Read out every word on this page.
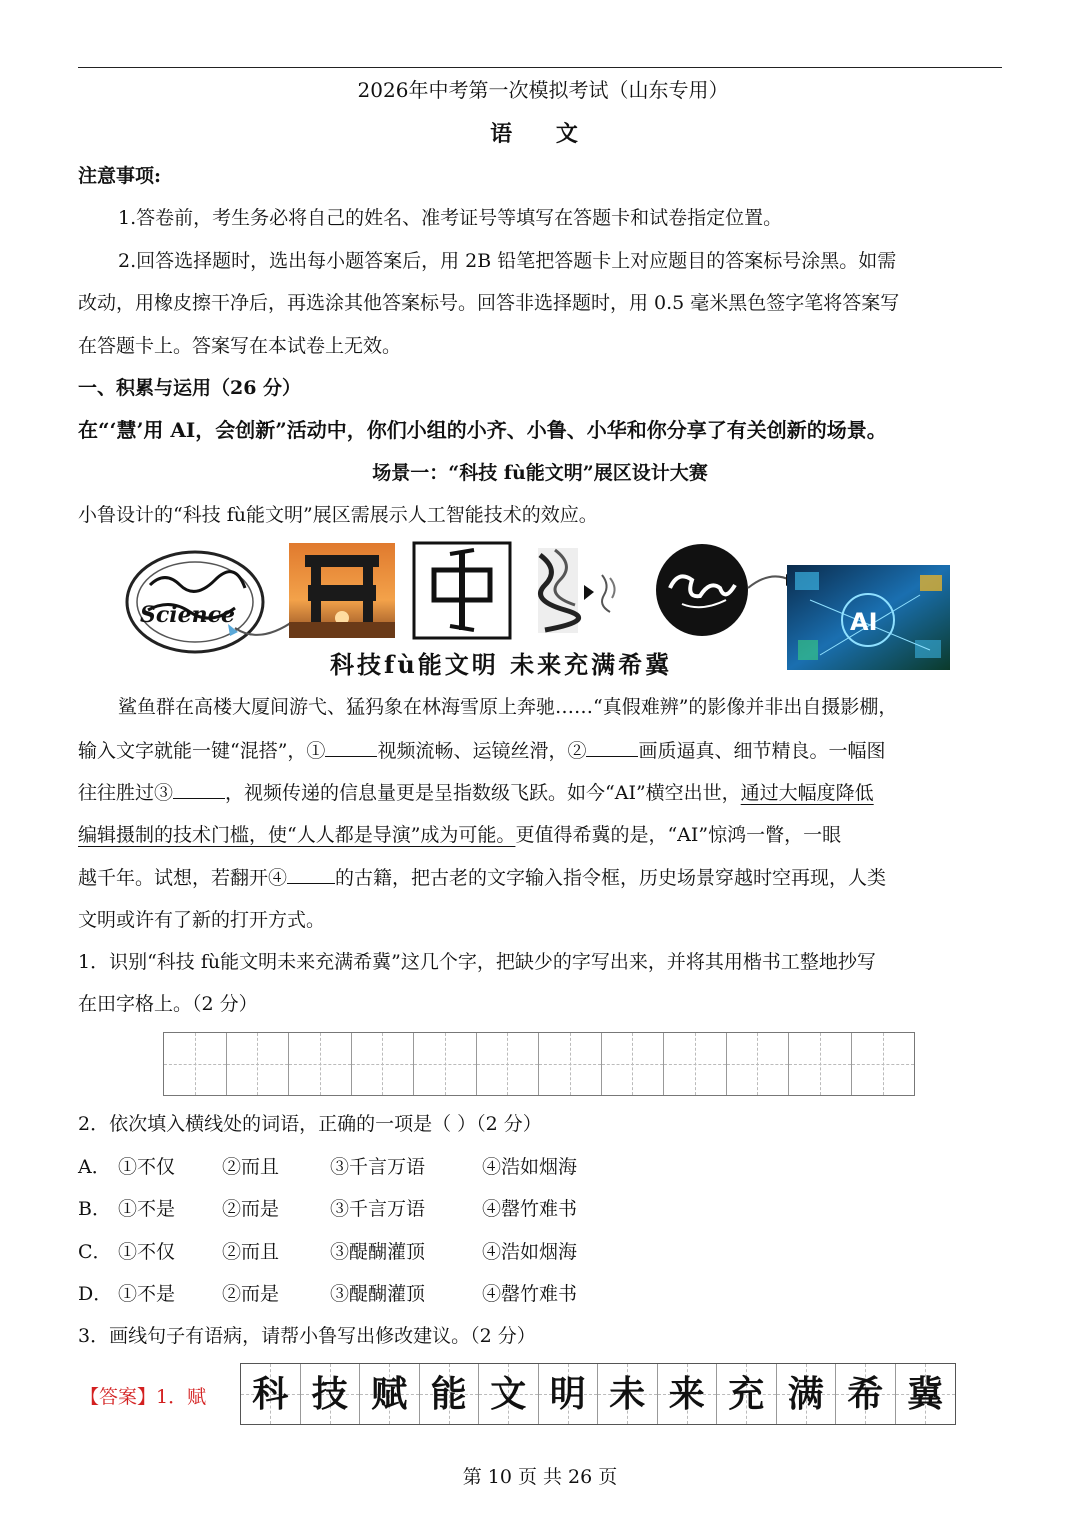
2026年中考第一次模拟考试（山东专用）
语 文
注意事项:
1.答卷前，考生务必将自己的姓名、准考证号等填写在答题卡和试卷指定位置。
2.回答选择题时，选出每小题答案后，用 2B 铅笔把答题卡上对应题目的答案标号涂黑。如需
改动，用橡皮擦干净后，再选涂其他答案标号。回答非选择题时，用 0.5 毫米黑色签字笔将答案写
在答题卡上。答案写在本试卷上无效。
一、积累与运用（26 分）
在“‘慧’用 AI，会创新”活动中，你们小组的小齐、小鲁、小华和你分享了有关创新的场景。
场景一：“科技 fù能文明”展区设计大赛
小鲁设计的“科技 fù能文明”展区需展示人工智能技术的效应。
Science	AI
科技fù能文明 未来充满希冀
鲨鱼群在高楼大厦间游弋、猛犸象在林海雪原上奔驰……“真假难辨”的影像并非出自摄影棚，
输入文字就能一键“混搭”，①	视频流畅、运镜丝滑，②	画质逼真、细节精良。一幅图
往往胜过③	，视频传递的信息量更是呈指数级飞跃。如今“AI”横空出世，通过大幅度降低
编辑摄制的技术门槛，使“人人都是导演”成为可能。更值得希冀的是，“AI”惊鸿一瞥，一眼
越千年。试想，若翻开④	的古籍，把古老的文字输入指令框，历史场景穿越时空再现，人类
文明或许有了新的打开方式。
1．识别“科技 fù能文明未来充满希冀”这几个字，把缺少的字写出来，并将其用楷书工整地抄写
在田字格上。（2 分）
2．依次填入横线处的词语，正确的一项是（ ）（2 分）
A． ①不仅 ②而且	③千言万语	④浩如烟海
B． ①不是 ②而是	③千言万语	④罄竹难书
C． ①不仅 ②而且	③醍醐灌顶	④浩如烟海
D． ①不是 ②而是	③醍醐灌顶	④罄竹难书
3．画线句子有语病，请帮小鲁写出修改建议。（2 分）
【答案】1．赋	科 技 赋 能 文 明 未 来 充 满 希 冀
第 10 页 共 26 页
